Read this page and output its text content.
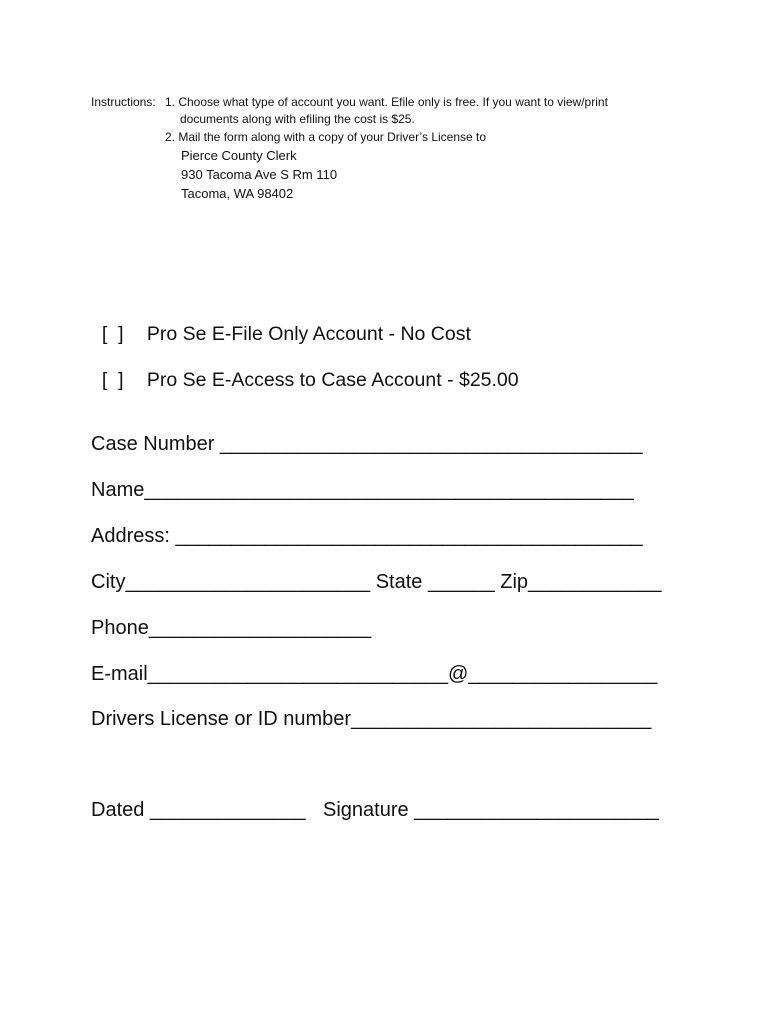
Instructions: 1. Choose what type of account you want. Efile only is free. If you want to view/print
documents along with efiling the cost is $25.
2. Mail the form along with a copy of your Driver’s License to
Pierce County Clerk
930 Tacoma Ave S Rm 110
Tacoma, WA 98402

[  ] Pro Se E-File Only Account - No Cost

[  ] Pro Se E-Access to Case Account - $25.00

Case Number ______________________________________
Name____________________________________________
Address: __________________________________________
City______________________ State ______ Zip____________
Phone____________________
E-mail___________________________@_________________
Drivers License or ID number___________________________
Dated ______________ Signature ______________________
